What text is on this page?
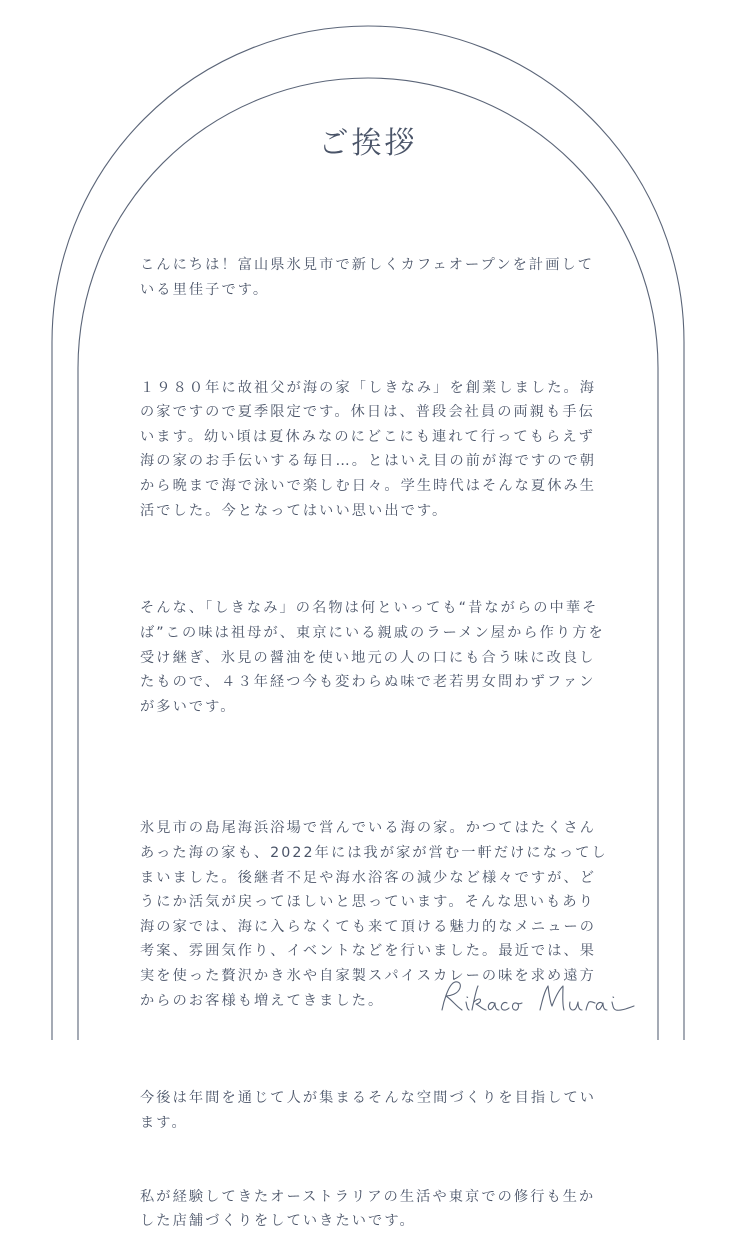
ご挨拶

こんにちは！富山県氷見市で新しくカフェオープンを計画している里佳子です。

１９８０年に故祖父が海の家「しきなみ」を創業しました。海の家ですので夏季限定です。休日は、普段会社員の両親も手伝います。幼い頃は夏休みなのにどこにも連れて行ってもらえず海の家のお手伝いする毎日…。とはいえ目の前が海ですので朝から晩まで海で泳いで楽しむ日々。学生時代はそんな夏休み生活でした。今となってはいい思い出です。

そんな、「しきなみ」の名物は何といっても“昔ながらの中華そば”この味は祖母が、東京にいる親戚のラーメン屋から作り方を受け継ぎ、氷見の醤油を使い地元の人の口にも合う味に改良したもので、４３年経つ今も変わらぬ味で老若男女問わずファンが多いです。

氷見市の島尾海浜浴場で営んでいる海の家。かつてはたくさんあった海の家も、2022年には我が家が営む一軒だけになってしまいました。後継者不足や海水浴客の減少など様々ですが、どうにか活気が戻ってほしいと思っています。そんな思いもあり海の家では、海に入らなくても来て頂ける魅力的なメニューの考案、雰囲気作り、イベントなどを行いました。最近では、果実を使った贅沢かき氷や自家製スパイスカレーの味を求め遠方からのお客様も増えてきました。

今後は年間を通じて人が集まるそんな空間づくりを目指しています。

私が経験してきたオーストラリアの生活や東京での修行も生かした店舗づくりをしていきたいです。
